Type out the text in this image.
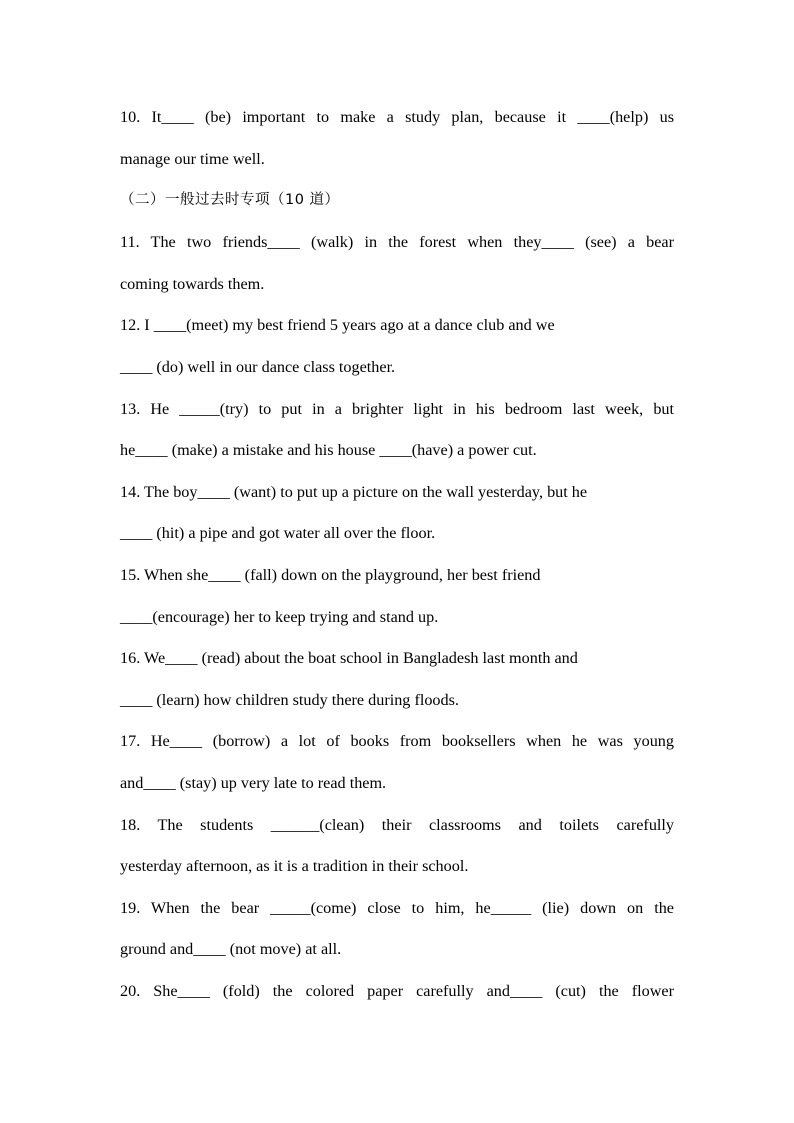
10. It____ (be) important to make a study plan, because it ____(help) us
manage our time well.
（二）一般过去时专项（10 道）
11. The two friends____ (walk) in the forest when they____ (see) a bear
coming towards them.
12. I ____(meet) my best friend 5 years ago at a dance club and we
____ (do) well in our dance class together.
13. He _____(try) to put in a brighter light in his bedroom last week, but
he____ (make) a mistake and his house ____(have) a power cut.
14. The boy____ (want) to put up a picture on the wall yesterday, but he
____ (hit) a pipe and got water all over the floor.
15. When she____ (fall) down on the playground, her best friend
____(encourage) her to keep trying and stand up.
16. We____ (read) about the boat school in Bangladesh last month and
____ (learn) how children study there during floods.
17. He____ (borrow) a lot of books from booksellers when he was young
and____ (stay) up very late to read them.
18. The students ______(clean) their classrooms and toilets carefully
yesterday afternoon, as it is a tradition in their school.
19. When the bear _____(come) close to him, he_____ (lie) down on the
ground and____ (not move) at all.
20. She____ (fold) the colored paper carefully and____ (cut) the flower
